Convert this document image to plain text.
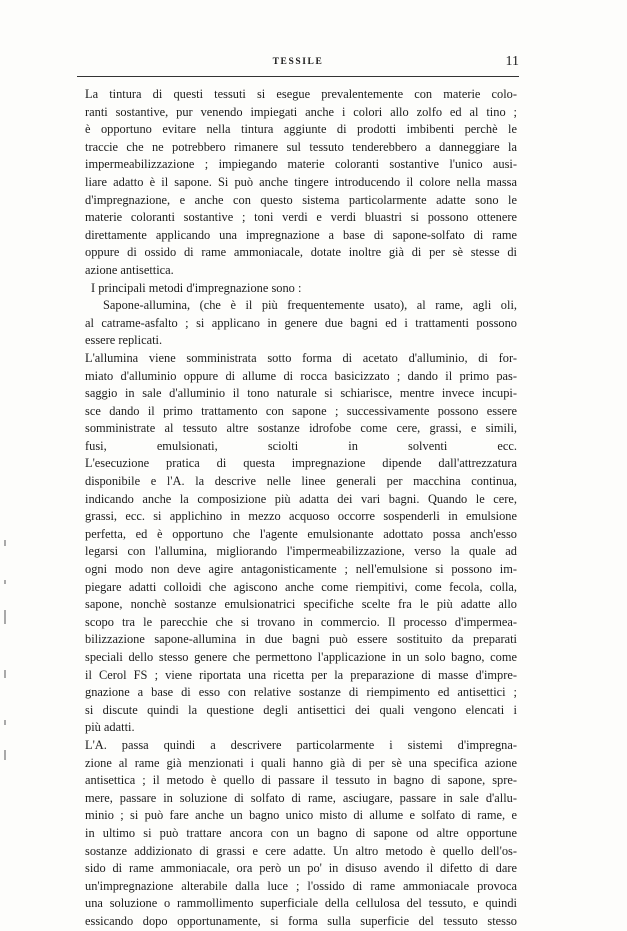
TESSILE	11
La tintura di questi tessuti si esegue prevalentemente con materie colo-
ranti sostantive, pur venendo impiegati anche i colori allo zolfo ed al tino ;
è opportuno evitare nella tintura aggiunte di prodotti imbibenti perchè le
traccie che ne potrebbero rimanere sul tessuto tenderebbero a danneggiare la
impermeabilizzazione ; impiegando materie coloranti sostantive l'unico ausi-
liare adatto è il sapone. Si può anche tingere introducendo il colore nella massa
d'impregnazione, e anche con questo sistema particolarmente adatte sono le
materie coloranti sostantive ; toni verdi e verdi bluastri si possono ottenere
direttamente applicando una impregnazione a base di sapone-solfato di rame
oppure di ossido di rame ammoniacale, dotate inoltre già di per sè stesse di
azione antisettica.
I principali metodi d'impregnazione sono :
Sapone-allumina, (che è il più frequentemente usato), al rame, agli oli,
al catrame-asfalto ; si applicano in genere due bagni ed i trattamenti possono
essere replicati.
L'allumina viene somministrata sotto forma di acetato d'alluminio, di for-
miato d'alluminio oppure di allume di rocca basicizzato ; dando il primo pas-
saggio in sale d'alluminio il tono naturale si schiarisce, mentre invece incupi-
sce dando il primo trattamento con sapone ; successivamente possono essere
somministrate al tessuto altre sostanze idrofobe come cere, grassi, e simili,
fusi, emulsionati, sciolti in solventi ecc.
L'esecuzione pratica di questa impregnazione dipende dall'attrezzatura
disponibile e l'A. la descrive nelle linee generali per macchina continua,
indicando anche la composizione più adatta dei vari bagni. Quando le cere,
grassi, ecc. si applichino in mezzo acquoso occorre sospenderli in emulsione
perfetta, ed è opportuno che l'agente emulsionante adottato possa anch'esso
legarsi con l'allumina, migliorando l'impermeabilizzazione, verso la quale ad
ogni modo non deve agire antagonisticamente ; nell'emulsione si possono im-
piegare adatti colloidi che agiscono anche come riempitivi, come fecola, colla,
sapone, nonchè sostanze emulsionatrici specifiche scelte fra le più adatte allo
scopo tra le parecchie che si trovano in commercio. Il processo d'impermea-
bilizzazione sapone-allumina in due bagni può essere sostituito da preparati
speciali dello stesso genere che permettono l'applicazione in un solo bagno, come
il Cerol FS ; viene riportata una ricetta per la preparazione di masse d'impre-
gnazione a base di esso con relative sostanze di riempimento ed antisettici ;
si discute quindi la questione degli antisettici dei quali vengono elencati i
più adatti.
L'A. passa quindi a descrivere particolarmente i sistemi d'impregna-
zione al rame già menzionati i quali hanno già di per sè una specifica azione
antisettica ; il metodo è quello di passare il tessuto in bagno di sapone, spre-
mere, passare in soluzione di solfato di rame, asciugare, passare in sale d'allu-
minio ; si può fare anche un bagno unico misto di allume e solfato di rame, e
in ultimo si può trattare ancora con un bagno di sapone od altre opportune
sostanze addizionato di grassi e cere adatte. Un altro metodo è quello dell'os-
sido di rame ammoniacale, ora però un po' in disuso avendo il difetto di dare
un'impregnazione alterabile dalla luce ; l'ossido di rame ammoniacale provoca
una soluzione o rammollimento superficiale della cellulosa del tessuto, e quindi
essicando dopo opportunamente, si forma sulla superficie del tessuto stesso
